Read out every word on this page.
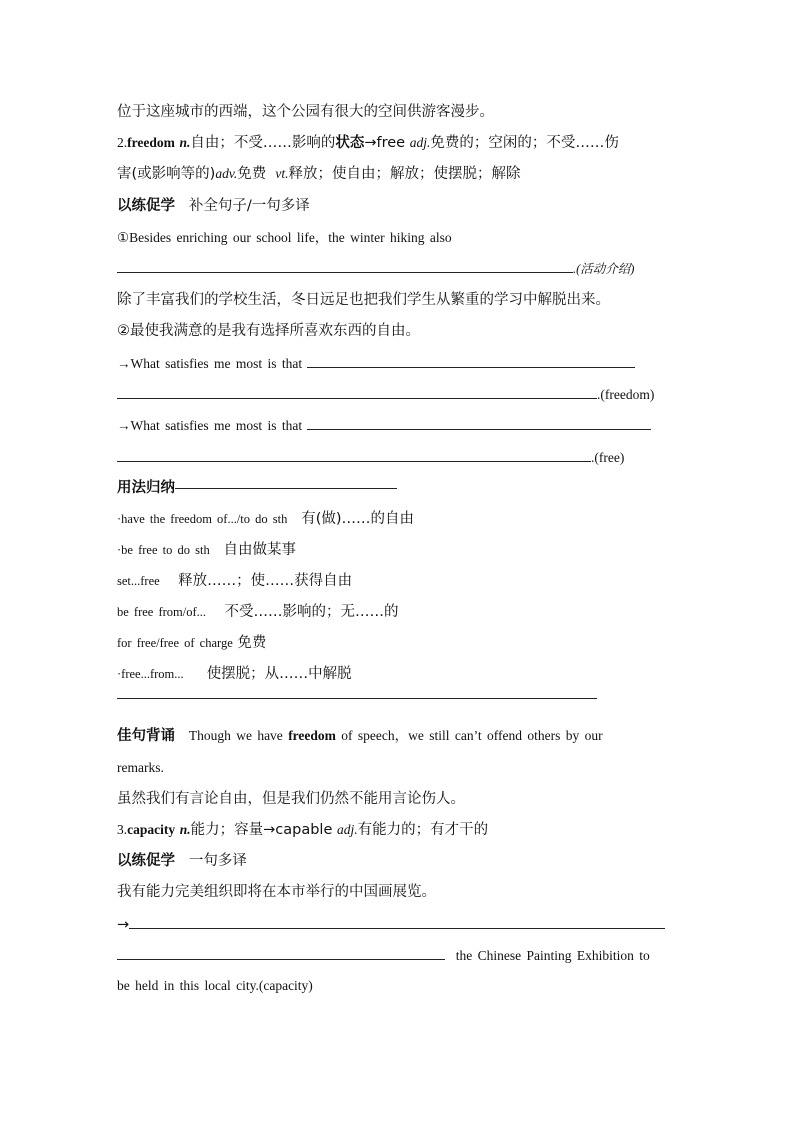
位于这座城市的西端，这个公园有很大的空间供游客漫步。
2.freedom n.自由；不受……影响的状态→free adj.免费的；空闲的；不受……伤
害(或影响等的)adv.免费 vt.释放；使自由；解放；使摆脱；解除
以练促学 补全句子/一句多译
①Besides enriching our school life，the winter hiking also
.(活动介绍)
除了丰富我们的学校生活，冬日远足也把我们学生从繁重的学习中解脱出来。
②最使我满意的是我有选择所喜欢东西的自由。
→What satisfies me most is that
.(freedom)
→What satisfies me most is that
.(free)
用法归纳
·have the freedom of.../to do sth 有(做)……的自由
·be free to do sth 自由做某事
set...free 释放……；使……获得自由
be free from/of... 不受……影响的；无……的
for free/free of charge 免费
·free...from... 使摆脱；从……中解脱
佳句背诵 Though we have freedom of speech，we still can’t offend others by our
remarks.
虽然我们有言论自由，但是我们仍然不能用言论伤人。
3.capacity n.能力；容量→capable adj.有能力的；有才干的
以练促学 一句多译
我有能力完美组织即将在本市举行的中国画展览。
→
the Chinese Painting Exhibition to
be held in this local city.(capacity)
